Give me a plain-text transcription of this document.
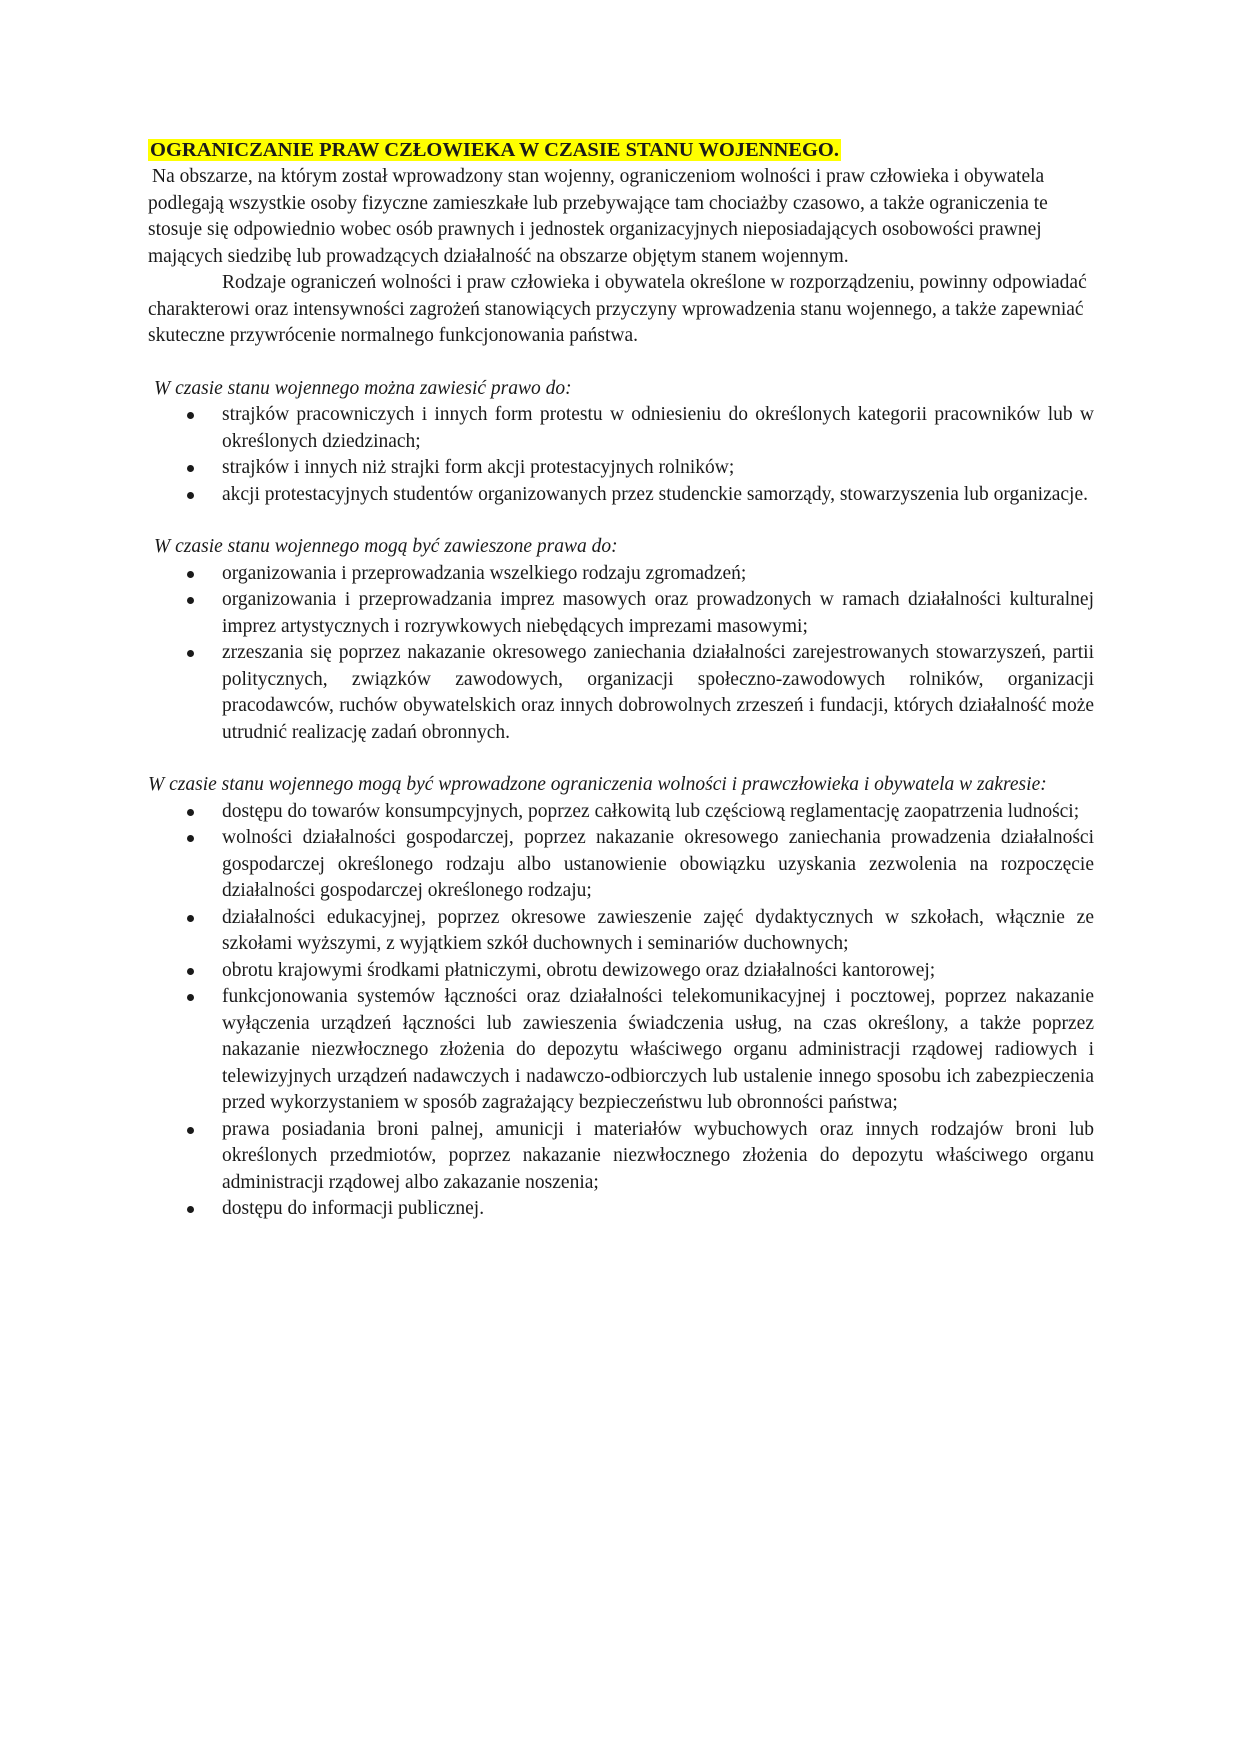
OGRANICZANIE PRAW CZŁOWIEKA W CZASIE STANU WOJENNEGO.

Na obszarze, na którym został wprowadzony stan wojenny, ograniczeniom wolności i praw człowieka i obywatela podlegają wszystkie osoby fizyczne zamieszkałe lub przebywające tam chociażby czasowo, a także ograniczenia te stosuje się odpowiednio wobec osób prawnych i jednostek organizacyjnych nieposiadających osobowości prawnej mających siedzibę lub prowadzących działalność na obszarze objętym stanem wojennym.

Rodzaje ograniczeń wolności i praw człowieka i obywatela określone w rozporządzeniu, powinny odpowiadać charakterowi oraz intensywności zagrożeń stanowiących przyczyny wprowadzenia stanu wojennego, a także zapewniać skuteczne przywrócenie normalnego funkcjonowania państwa.

W czasie stanu wojennego można zawiesić prawo do:

strajków pracowniczych i innych form protestu w odniesieniu do określonych kategorii pracowników lub w określonych dziedzinach;
strajków i innych niż strajki form akcji protestacyjnych rolników;
akcji protestacyjnych studentów organizowanych przez studenckie samorządy, stowarzyszenia lub organizacje.

W czasie stanu wojennego mogą być zawieszone prawa do:

organizowania i przeprowadzania wszelkiego rodzaju zgromadzeń;
organizowania i przeprowadzania imprez masowych oraz prowadzonych w ramach działalności kulturalnej imprez artystycznych i rozrywkowych niebędących imprezami masowymi;
zrzeszania się poprzez nakazanie okresowego zaniechania działalności zarejestrowanych stowarzyszeń, partii politycznych, związków zawodowych, organizacji społeczno-zawodowych rolników, organizacji pracodawców, ruchów obywatelskich oraz innych dobrowolnych zrzeszeń i fundacji, których działalność może utrudnić realizację zadań obronnych.

W czasie stanu wojennego mogą być wprowadzone ograniczenia wolności i prawczłowieka i obywatela w zakresie:

dostępu do towarów konsumpcyjnych, poprzez całkowitą lub częściową reglamentację zaopatrzenia ludności;
wolności działalności gospodarczej, poprzez nakazanie okresowego zaniechania prowadzenia działalności gospodarczej określonego rodzaju albo ustanowienie obowiązku uzyskania zezwolenia na rozpoczęcie działalności gospodarczej określonego rodzaju;
działalności edukacyjnej, poprzez okresowe zawieszenie zajęć dydaktycznych w szkołach, włącznie ze szkołami wyższymi, z wyjątkiem szkół duchownych i seminariów duchownych;
obrotu krajowymi środkami płatniczymi, obrotu dewizowego oraz działalności kantorowej;
funkcjonowania systemów łączności oraz działalności telekomunikacyjnej i pocztowej, poprzez nakazanie wyłączenia urządzeń łączności lub zawieszenia świadczenia usług, na czas określony, a także poprzez nakazanie niezwłocznego złożenia do depozytu właściwego organu administracji rządowej radiowych i telewizyjnych urządzeń nadawczych i nadawczo-odbiorczych lub ustalenie innego sposobu ich zabezpieczenia przed wykorzystaniem w sposób zagrażający bezpieczeństwu lub obronności państwa;
prawa posiadania broni palnej, amunicji i materiałów wybuchowych oraz innych rodzajów broni lub określonych przedmiotów, poprzez nakazanie niezwłocznego złożenia do depozytu właściwego organu administracji rządowej albo zakazanie noszenia;
dostępu do informacji publicznej.
